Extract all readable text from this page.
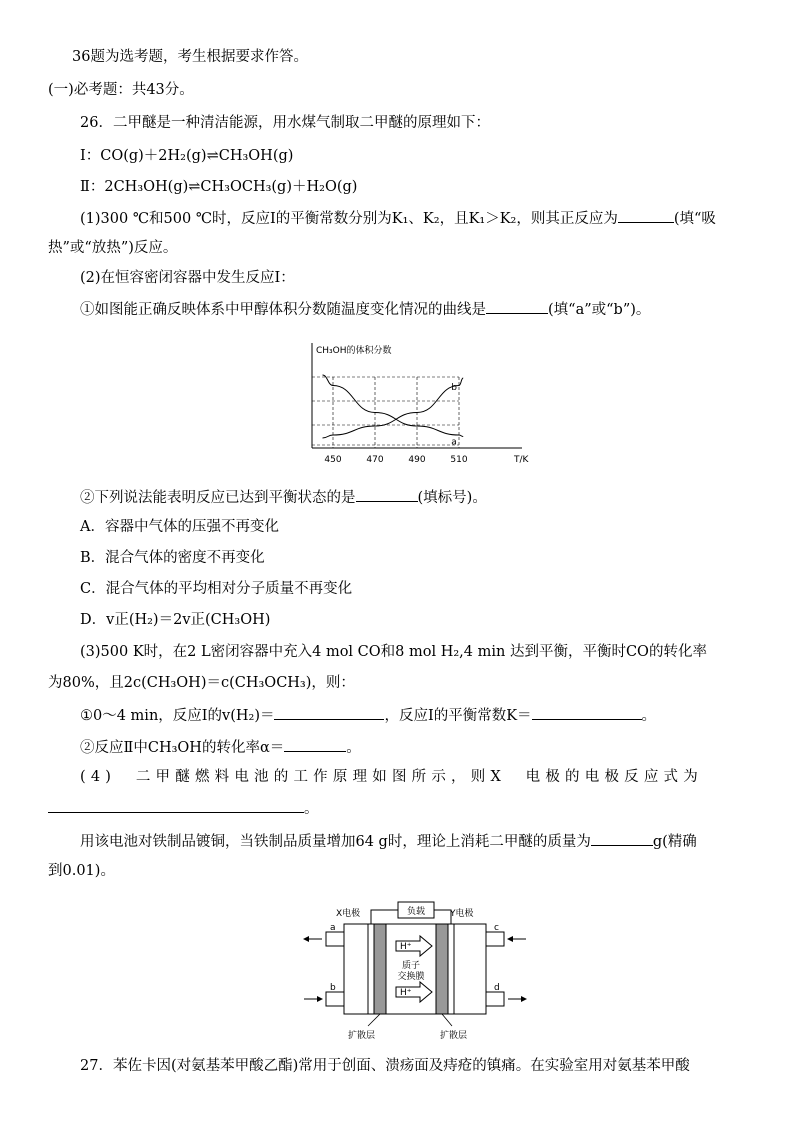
36题为选考题，考生根据要求作答。
(一)必考题：共43分。
26．二甲醚是一种清洁能源，用水煤气制取二甲醚的原理如下：
Ⅰ：CO(g)＋2H₂(g)⇌CH₃OH(g)
Ⅱ：2CH₃OH(g)⇌CH₃OCH₃(g)＋H₂O(g)
(1)300 ℃和500 ℃时，反应Ⅰ的平衡常数分别为K₁、K₂，且K₁＞K₂，则其正反应为	(填“吸
热”或“放热”)反应。
(2)在恒容密闭容器中发生反应Ⅰ：
①如图能正确反映体系中甲醇体积分数随温度变化情况的曲线是	(填“a”或“b”)。
450	470	490	510	T/K
CH₃OH的体积分数
a
b
②下列说法能表明反应已达到平衡状态的是	(填标号)。
A．容器中气体的压强不再变化
B．混合气体的密度不再变化
C．混合气体的平均相对分子质量不再变化
D．v正(H₂)＝2v正(CH₃OH)
(3)500 K时，在2 L密闭容器中充入4 mol CO和8 mol H₂,4 min 达到平衡，平衡时CO的转化率
为80%，且2c(CH₃OH)＝c(CH₃OCH₃)，则：
①0～4 min，反应Ⅰ的v(H₂)＝	，反应Ⅰ的平衡常数K＝	。
②反应Ⅱ中CH₃OH的转化率α＝	。
(4)　二甲醚燃料电池的工作原理如图所示，则X　电极的电极反应式为
。
用该电池对铁制品镀铜，当铁制品质量增加64 g时，理论上消耗二甲醚的质量为	g(精确
到0.01)。
负载
X电极	Y电极
H⁺
H⁺
质子
交换膜
a
b
c
d
扩散层	扩散层
27．苯佐卡因(对氨基苯甲酸乙酯)常用于创面、溃疡面及痔疮的镇痛。在实验室用对氨基苯甲酸
